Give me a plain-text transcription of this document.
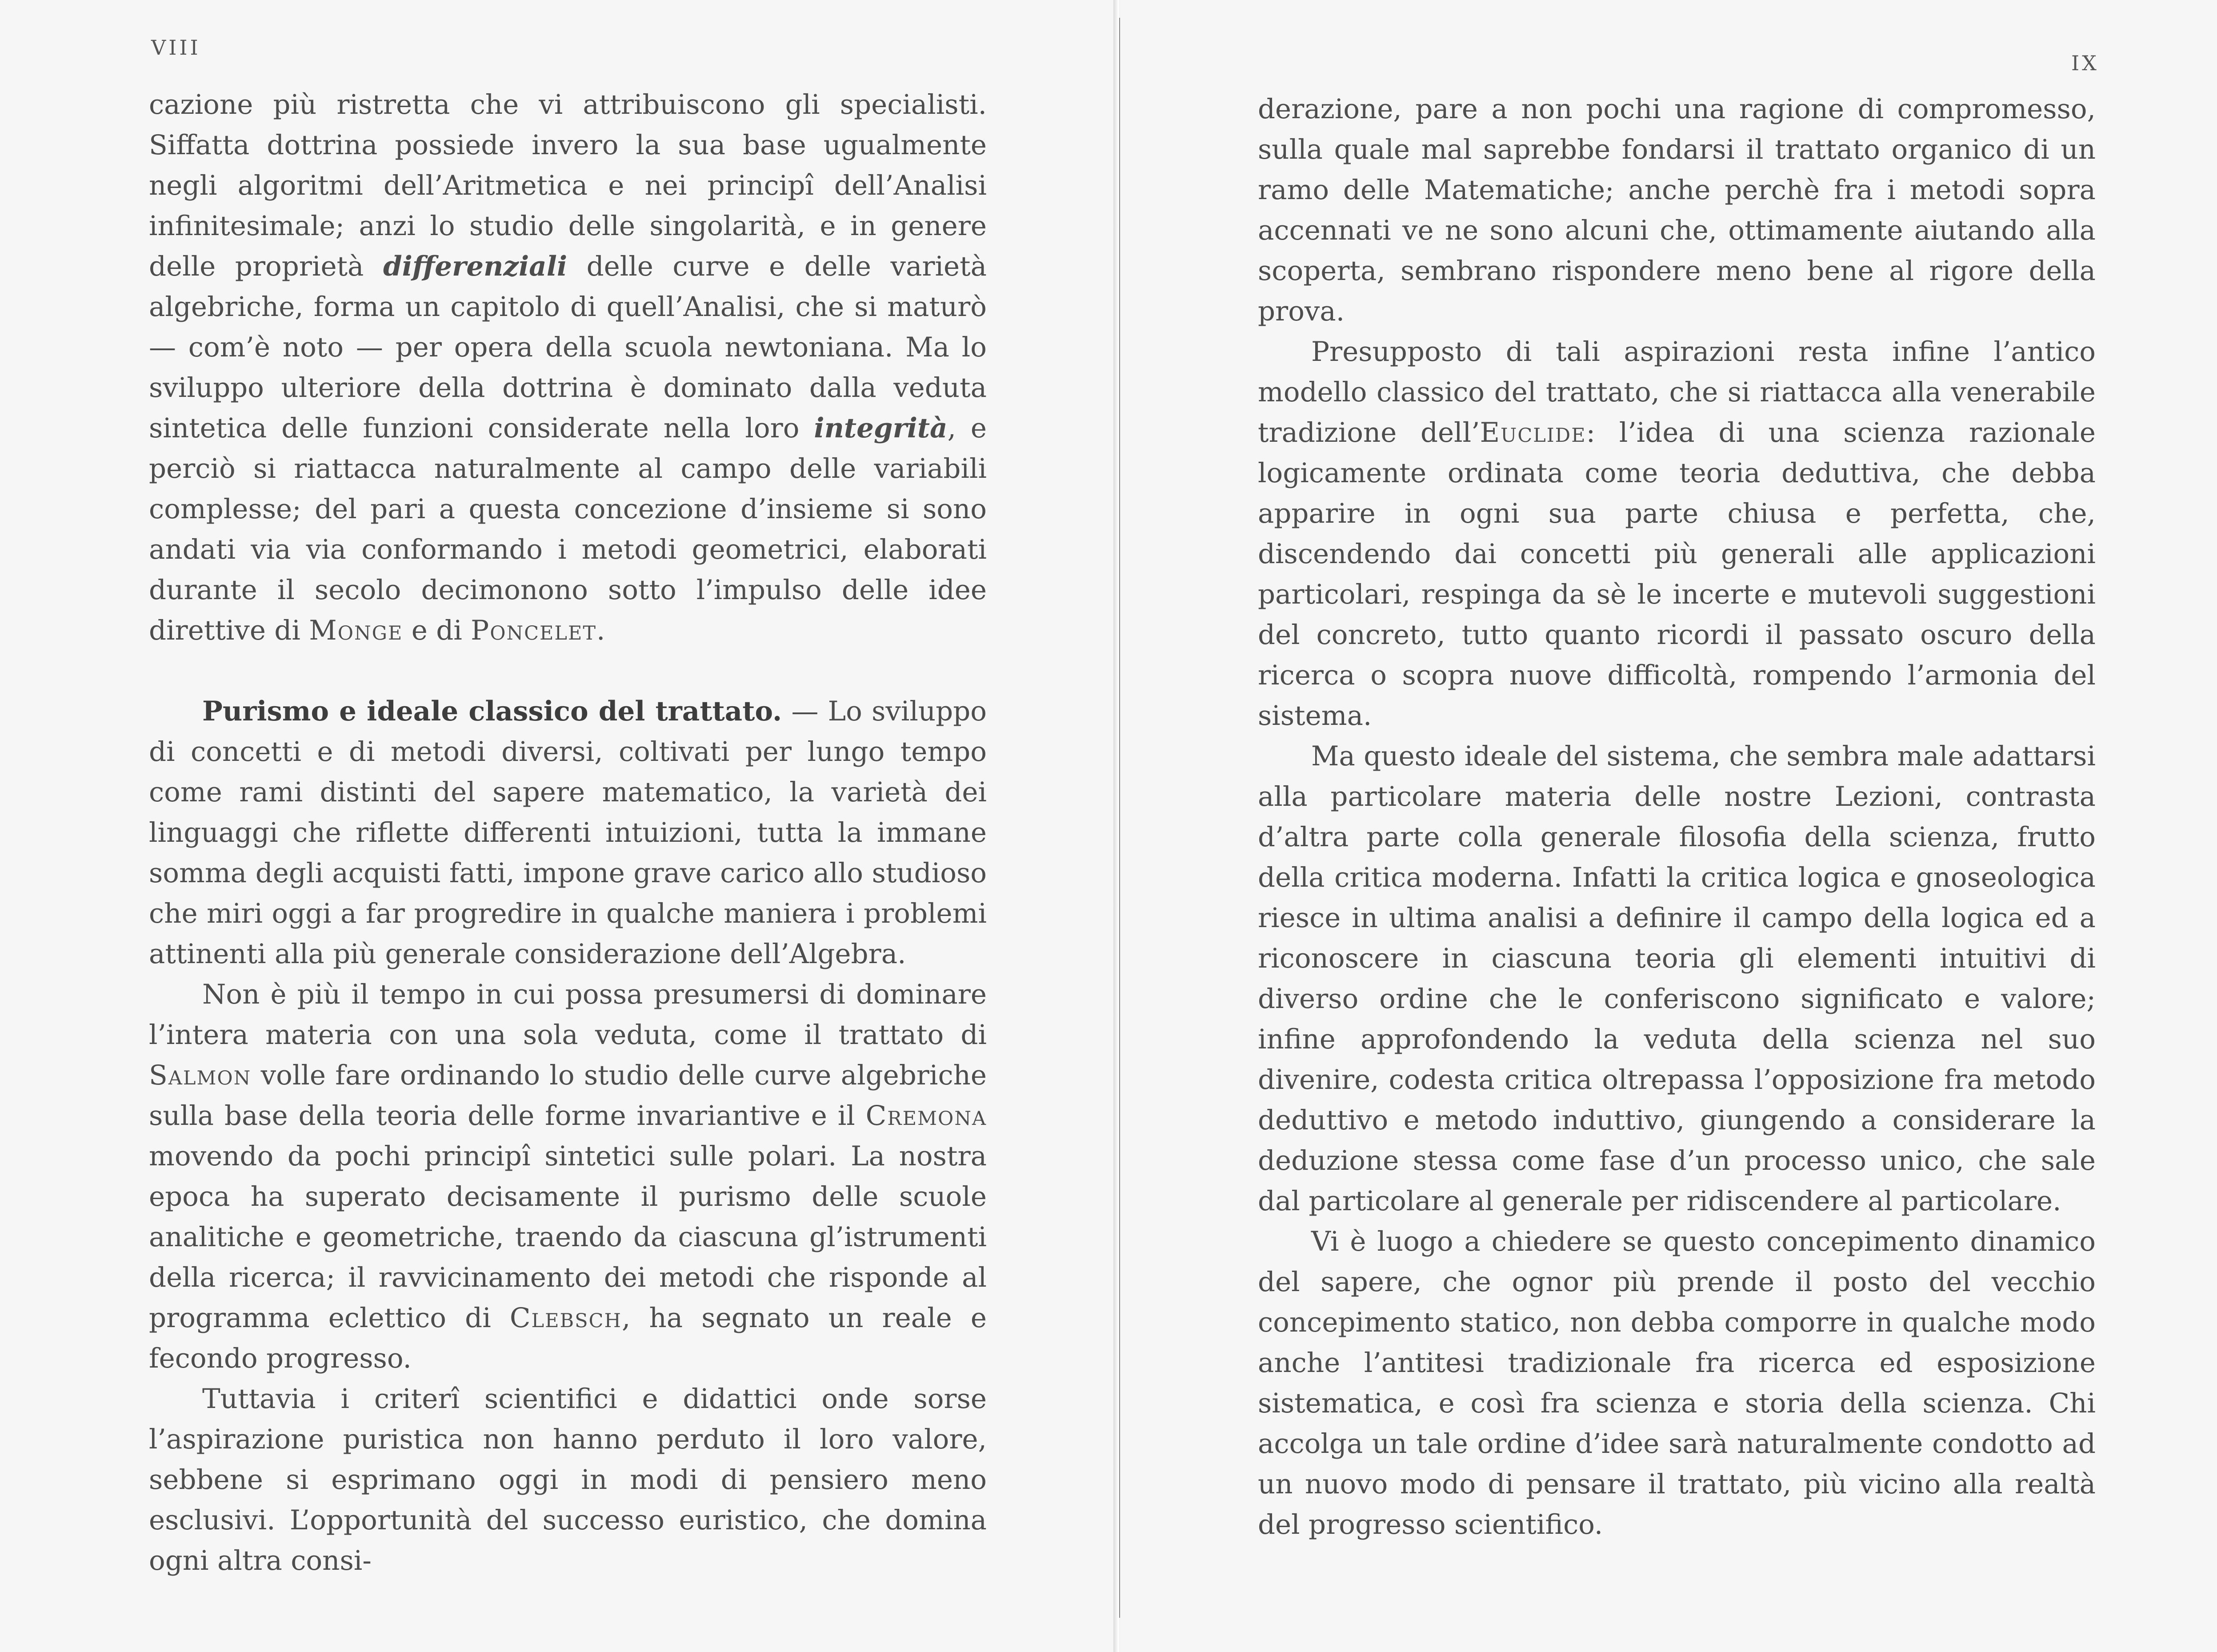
VIII

cazione più ristretta che vi attribuiscono gli specialisti. Siffatta dottrina possiede invero la sua base ugualmente negli algoritmi dell’Aritmetica e nei principî dell’Analisi infinitesimale; anzi lo studio delle singolarità, e in genere delle proprietà differenziali delle curve e delle varietà algebriche, forma un capitolo di quell’Analisi, che si maturò — com’è noto — per opera della scuola newtoniana. Ma lo sviluppo ulteriore della dottrina è dominato dalla veduta sintetica delle funzioni considerate nella loro integrità, e perciò si riattacca naturalmente al campo delle variabili complesse; del pari a questa concezione d’insieme si sono andati via via conformando i metodi geometrici, elaborati durante il secolo decimonono sotto l’impulso delle idee direttive di Monge e di Poncelet.

Purismo e ideale classico del trattato. — Lo sviluppo di concetti e di metodi diversi, coltivati per lungo tempo come rami distinti del sapere matematico, la varietà dei linguaggi che riflette differenti intuizioni, tutta la immane somma degli acquisti fatti, impone grave carico allo studioso che miri oggi a far progredire in qualche maniera i problemi attinenti alla più generale considerazione dell’Algebra.

Non è più il tempo in cui possa presumersi di dominare l’intera materia con una sola veduta, come il trattato di Salmon volle fare ordinando lo studio delle curve algebriche sulla base della teoria delle forme invariantive e il Cremona movendo da pochi principî sintetici sulle polari. La nostra epoca ha superato decisamente il purismo delle scuole analitiche e geometriche, traendo da ciascuna gl’istrumenti della ricerca; il ravvicinamento dei metodi che risponde al programma eclettico di Clebsch, ha segnato un reale e fecondo progresso.

Tuttavia i criterî scientifici e didattici onde sorse l’aspirazione puristica non hanno perduto il loro valore, sebbene si esprimano oggi in modi di pensiero meno esclusivi. L’opportunità del successo euristico, che domina ogni altra consi-

IX

derazione, pare a non pochi una ragione di compromesso, sulla quale mal saprebbe fondarsi il trattato organico di un ramo delle Matematiche; anche perchè fra i metodi sopra accennati ve ne sono alcuni che, ottimamente aiutando alla scoperta, sembrano rispondere meno bene al rigore della prova.

Presupposto di tali aspirazioni resta infine l’antico modello classico del trattato, che si riattacca alla venerabile tradizione dell’Euclide: l’idea di una scienza razionale logicamente ordinata come teoria deduttiva, che debba apparire in ogni sua parte chiusa e perfetta, che, discendendo dai concetti più generali alle applicazioni particolari, respinga da sè le incerte e mutevoli suggestioni del concreto, tutto quanto ricordi il passato oscuro della ricerca o scopra nuove difficoltà, rompendo l’armonia del sistema.

Ma questo ideale del sistema, che sembra male adattarsi alla particolare materia delle nostre Lezioni, contrasta d’altra parte colla generale filosofia della scienza, frutto della critica moderna. Infatti la critica logica e gnoseologica riesce in ultima analisi a definire il campo della logica ed a riconoscere in ciascuna teoria gli elementi intuitivi di diverso ordine che le conferiscono significato e valore; infine approfondendo la veduta della scienza nel suo divenire, codesta critica oltrepassa l’opposizione fra metodo deduttivo e metodo induttivo, giungendo a considerare la deduzione stessa come fase d’un processo unico, che sale dal particolare al generale per ridiscendere al particolare.

Vi è luogo a chiedere se questo concepimento dinamico del sapere, che ognor più prende il posto del vecchio concepimento statico, non debba comporre in qualche modo anche l’antitesi tradizionale fra ricerca ed esposizione sistematica, e così fra scienza e storia della scienza. Chi accolga un tale ordine d’idee sarà naturalmente condotto ad un nuovo modo di pensare il trattato, più vicino alla realtà del progresso scientifico.
